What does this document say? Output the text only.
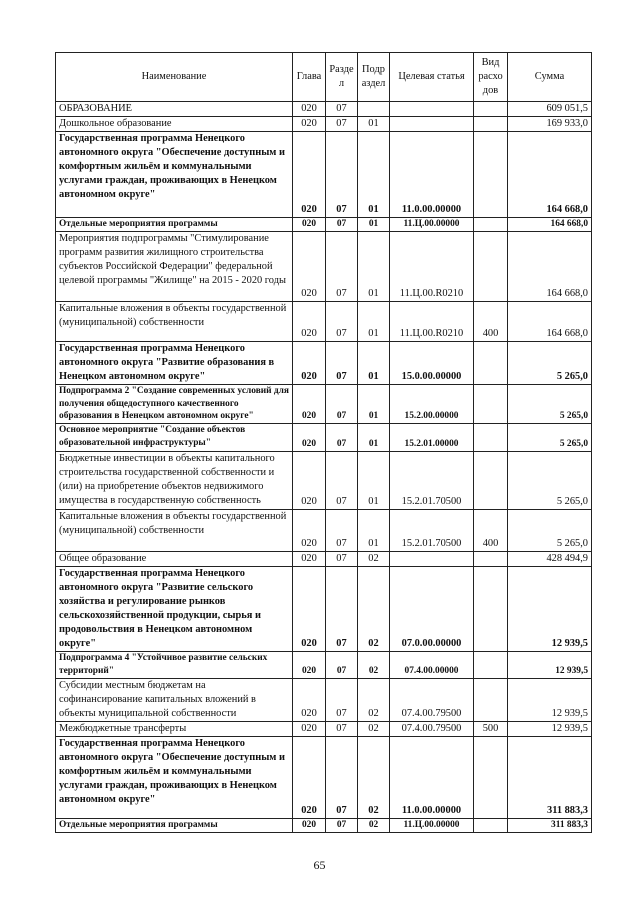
Наименование	Глава	Разде л	Подр аздел	Целевая статья	Вид расхо дов	Сумма
ОБРАЗОВАНИЕ	020	07				609 051,5
Дошкольное образование	020	07	01			169 933,0
Государственная программа Ненецкого автономного округа "Обеспечение доступным и комфортным жильём и коммунальными услугами граждан, проживающих в Ненецком автономном округе"	020	07	01	11.0.00.00000		164 668,0
Отдельные мероприятия программы	020	07	01	11.Ц.00.00000		164 668,0
Мероприятия подпрограммы "Стимулирование программ развития жилищного строительства субъектов Российской Федерации" федеральной целевой программы "Жилище" на 2015 - 2020 годы	020	07	01	11.Ц.00.R0210		164 668,0
Капитальные вложения в объекты государственной (муниципальной) собственности	020	07	01	11.Ц.00.R0210	400	164 668,0
Государственная программа Ненецкого автономного округа "Развитие образования в Ненецком автономном округе"	020	07	01	15.0.00.00000		5 265,0
Подпрограмма 2 "Создание современных условий для получения общедоступного качественного образования в Ненецком автономном округе"	020	07	01	15.2.00.00000		5 265,0
Основное мероприятие "Создание объектов образовательной инфраструктуры"	020	07	01	15.2.01.00000		5 265,0
Бюджетные инвестиции в объекты капитального строительства государственной собственности и (или) на приобретение объектов недвижимого имущества в государственную собственность	020	07	01	15.2.01.70500		5 265,0
Капитальные вложения в объекты государственной (муниципальной) собственности	020	07	01	15.2.01.70500	400	5 265,0
Общее образование	020	07	02			428 494,9
Государственная программа Ненецкого автономного округа "Развитие сельского хозяйства и регулирование рынков сельскохозяйственной продукции, сырья и продовольствия в Ненецком автономном округе"	020	07	02	07.0.00.00000		12 939,5
Подпрограмма 4 "Устойчивое развитие сельских территорий"	020	07	02	07.4.00.00000		12 939,5
Субсидии местным бюджетам на софинансирование капитальных вложений в объекты муниципальной собственности	020	07	02	07.4.00.79500		12 939,5
Межбюджетные трансферты	020	07	02	07.4.00.79500	500	12 939,5
Государственная программа Ненецкого автономного округа "Обеспечение доступным и комфортным жильём и коммунальными услугами граждан, проживающих в Ненецком автономном округе"	020	07	02	11.0.00.00000		311 883,3
Отдельные мероприятия программы	020	07	02	11.Ц.00.00000		311 883,3
65
